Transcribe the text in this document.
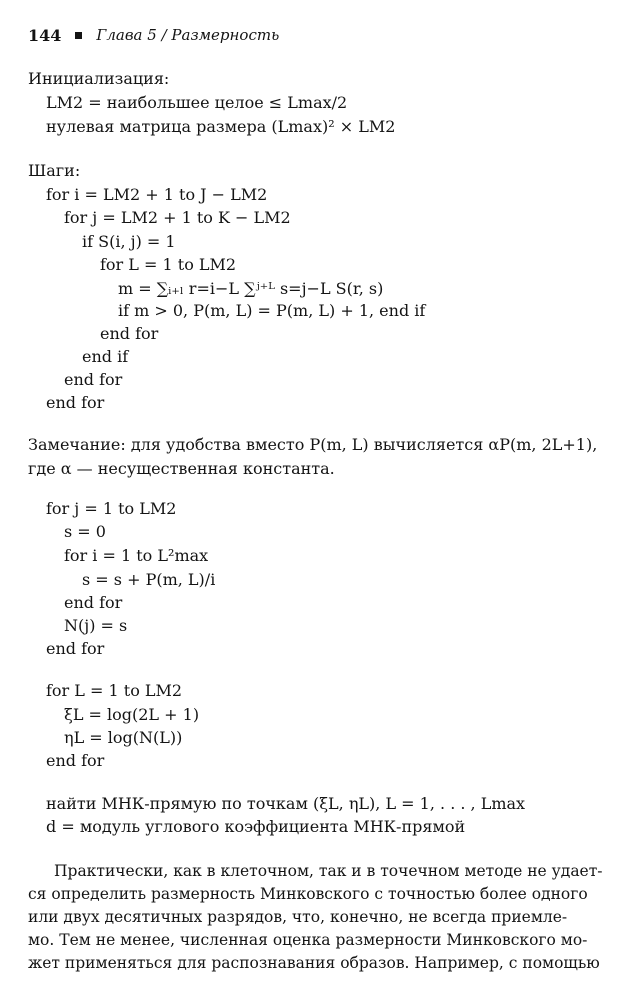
144 Глава 5 / Размерность
Инициализация:
LM2 = наибольшее целое ≤ Lmax/2
нулевая матрица размера (Lmax)² × LM2
Шаги:
for i = LM2 + 1 to J − LM2
for j = LM2 + 1 to K − LM2
if S(i, j) = 1
for L = 1 to LM2
m = ∑ᵢ₊ₗ r=i−L ∑ʲ⁺ᴸ s=j−L S(r, s)
if m > 0, P(m, L) = P(m, L) + 1, end if
end for
end if
end for
end for
Замечание: для удобства вместо P(m, L) вычисляется αP(m, 2L+1),
где α — несущественная константа.
for j = 1 to LM2
s = 0
for i = 1 to L²max
s = s + P(m, L)/i
end for
N(j) = s
end for
for L = 1 to LM2
ξL = log(2L + 1)
ηL = log(N(L))
end for
найти МНК-прямую по точкам (ξL, ηL), L = 1, . . . , Lmax
d = модуль углового коэффициента МНК-прямой
Практически, как в клеточном, так и в точечном методе не удает-
ся определить размерность Минковского с точностью более одного
или двух десятичных разрядов, что, конечно, не всегда приемле-
мо. Тем не менее, численная оценка размерности Минковского мо-
жет применяться для распознавания образов. Например, с помощью
